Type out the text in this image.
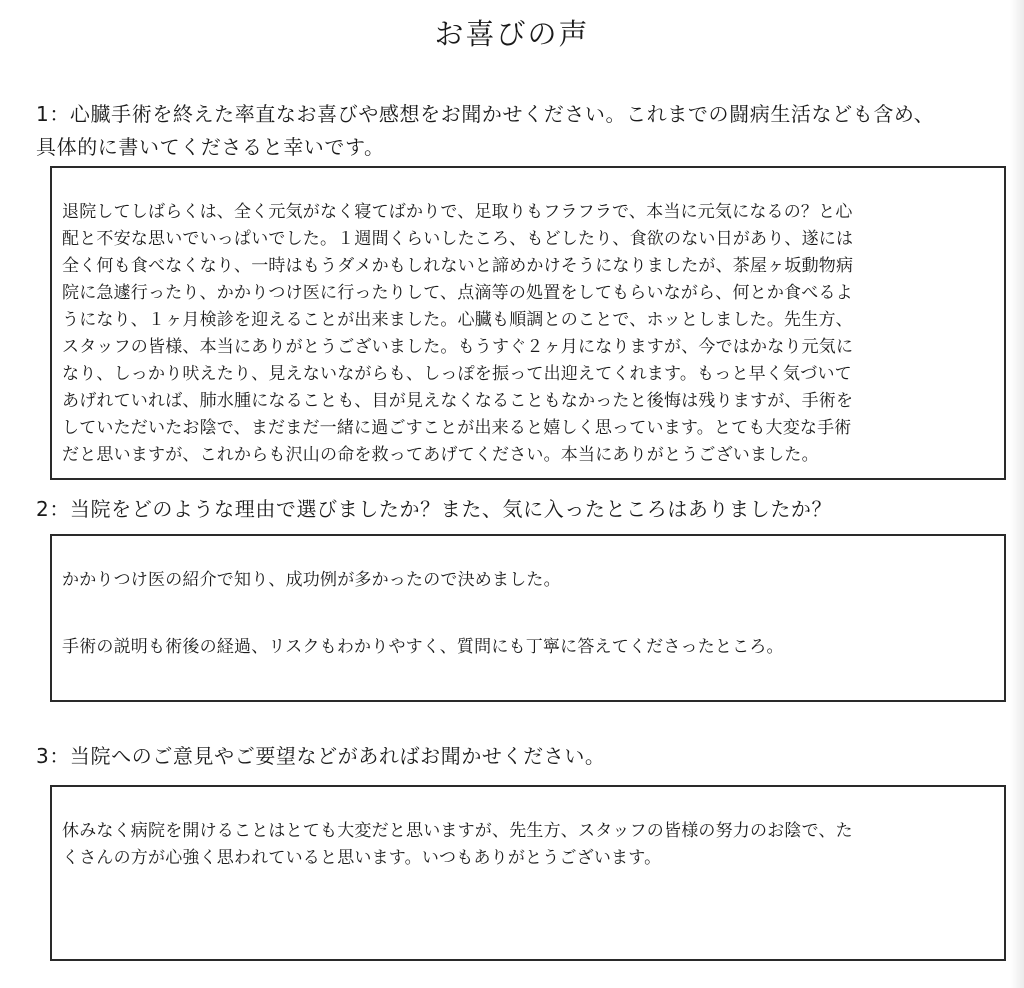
お喜びの声
1：心臓手術を終えた率直なお喜びや感想をお聞かせください。これまでの闘病生活なども含め、
具体的に書いてくださると幸いです。

退院してしばらくは、全く元気がなく寝てばかりで、足取りもフラフラで、本当に元気になるの？と心
配と不安な思いでいっぱいでした。１週間くらいしたころ、もどしたり、食欲のない日があり、遂には
全く何も食べなくなり、一時はもうダメかもしれないと諦めかけそうになりましたが、茶屋ヶ坂動物病
院に急遽行ったり、かかりつけ医に行ったりして、点滴等の処置をしてもらいながら、何とか食べるよ
うになり、１ヶ月検診を迎えることが出来ました。心臓も順調とのことで、ホッとしました。先生方、
スタッフの皆様、本当にありがとうございました。もうすぐ２ヶ月になりますが、今ではかなり元気に
なり、しっかり吠えたり、見えないながらも、しっぽを振って出迎えてくれます。もっと早く気づいて
あげれていれば、肺水腫になることも、目が見えなくなることもなかったと後悔は残りますが、手術を
していただいたお陰で、まだまだ一緒に過ごすことが出来ると嬉しく思っています。とても大変な手術
だと思いますが、これからも沢山の命を救ってあげてください。本当にありがとうございました。

2：当院をどのような理由で選びましたか？また、気に入ったところはありましたか？

かかりつけ医の紹介で知り、成功例が多かったので決めました。

手術の説明も術後の経過、リスクもわかりやすく、質問にも丁寧に答えてくださったところ。

3：当院へのご意見やご要望などがあればお聞かせください。

休みなく病院を開けることはとても大変だと思いますが、先生方、スタッフの皆様の努力のお陰で、た
くさんの方が心強く思われていると思います。いつもありがとうございます。
